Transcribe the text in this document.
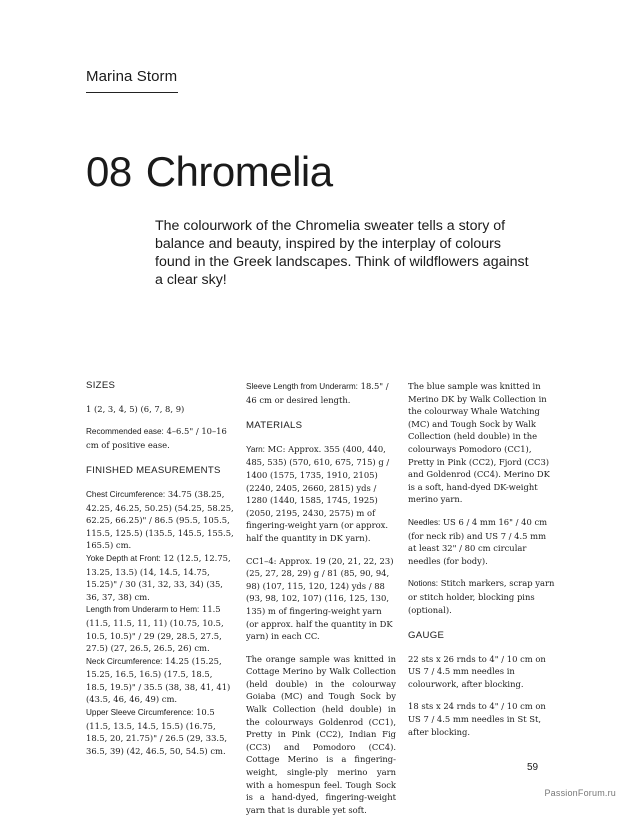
Marina Storm
08 Chromelia
The colourwork of the Chromelia sweater tells a story of balance and beauty, inspired by the interplay of colours found in the Greek landscapes. Think of wildflowers against a clear sky!
SIZES

1 (2, 3, 4, 5) (6, 7, 8, 9)

Recommended ease: 4–6.5" / 10–16 cm of positive ease.

FINISHED MEASUREMENTS

Chest Circumference: 34.75 (38.25, 42.25, 46.25, 50.25) (54.25, 58.25, 62.25, 66.25)" / 86.5 (95.5, 105.5, 115.5, 125.5) (135.5, 145.5, 155.5, 165.5) cm.

Yoke Depth at Front: 12 (12.5, 12.75, 13.25, 13.5) (14, 14.5, 14.75, 15.25)" / 30 (31, 32, 33, 34) (35, 36, 37, 38) cm.

Length from Underarm to Hem: 11.5 (11.5, 11.5, 11, 11) (10.75, 10.5, 10.5, 10.5)" / 29 (29, 28.5, 27.5, 27.5) (27, 26.5, 26.5, 26) cm.

Neck Circumference: 14.25 (15.25, 15.25, 16.5, 16.5) (17.5, 18.5, 18.5, 19.5)" / 35.5 (38, 38, 41, 41) (43.5, 46, 46, 49) cm.

Upper Sleeve Circumference: 10.5 (11.5, 13.5, 14.5, 15.5) (16.75, 18.5, 20, 21.75)" / 26.5 (29, 33.5, 36.5, 39) (42, 46.5, 50, 54.5) cm.

Sleeve Length from Underarm: 18.5" / 46 cm or desired length.

MATERIALS

Yarn: MC: Approx. 355 (400, 440, 485, 535) (570, 610, 675, 715) g / 1400 (1575, 1735, 1910, 2105) (2240, 2405, 2660, 2815) yds / 1280 (1440, 1585, 1745, 1925) (2050, 2195, 2430, 2575) m of fingering-weight yarn (or approx. half the quantity in DK yarn).

CC1–4: Approx. 19 (20, 21, 22, 23) (25, 27, 28, 29) g / 81 (85, 90, 94, 98) (107, 115, 120, 124) yds / 88 (93, 98, 102, 107) (116, 125, 130, 135) m of fingering-weight yarn (or approx. half the quantity in DK yarn) in each CC.

The orange sample was knitted in Cottage Merino by Walk Collection (held double) in the colourway Goiaba (MC) and Tough Sock by Walk Collection (held double) in the colourways Goldenrod (CC1), Pretty in Pink (CC2), Indian Fig (CC3) and Pomodoro (CC4). Cottage Merino is a fingering-weight, single-ply merino yarn with a homespun feel. Tough Sock is a hand-dyed, fingering-weight yarn that is durable yet soft.

The blue sample was knitted in Merino DK by Walk Collection in the colourway Whale Watching (MC) and Tough Sock by Walk Collection (held double) in the colourways Pomodoro (CC1), Pretty in Pink (CC2), Fjord (CC3) and Goldenrod (CC4). Merino DK is a soft, hand-dyed DK-weight merino yarn.

Needles: US 6 / 4 mm 16" / 40 cm (for neck rib) and US 7 / 4.5 mm at least 32" / 80 cm circular needles (for body).

Notions: Stitch markers, scrap yarn or stitch holder, blocking pins (optional).

GAUGE

22 sts x 26 rnds to 4" / 10 cm on US 7 / 4.5 mm needles in colourwork, after blocking.

18 sts x 24 rnds to 4" / 10 cm on US 7 / 4.5 mm needles in St St, after blocking.

59
PassionForum.ru
